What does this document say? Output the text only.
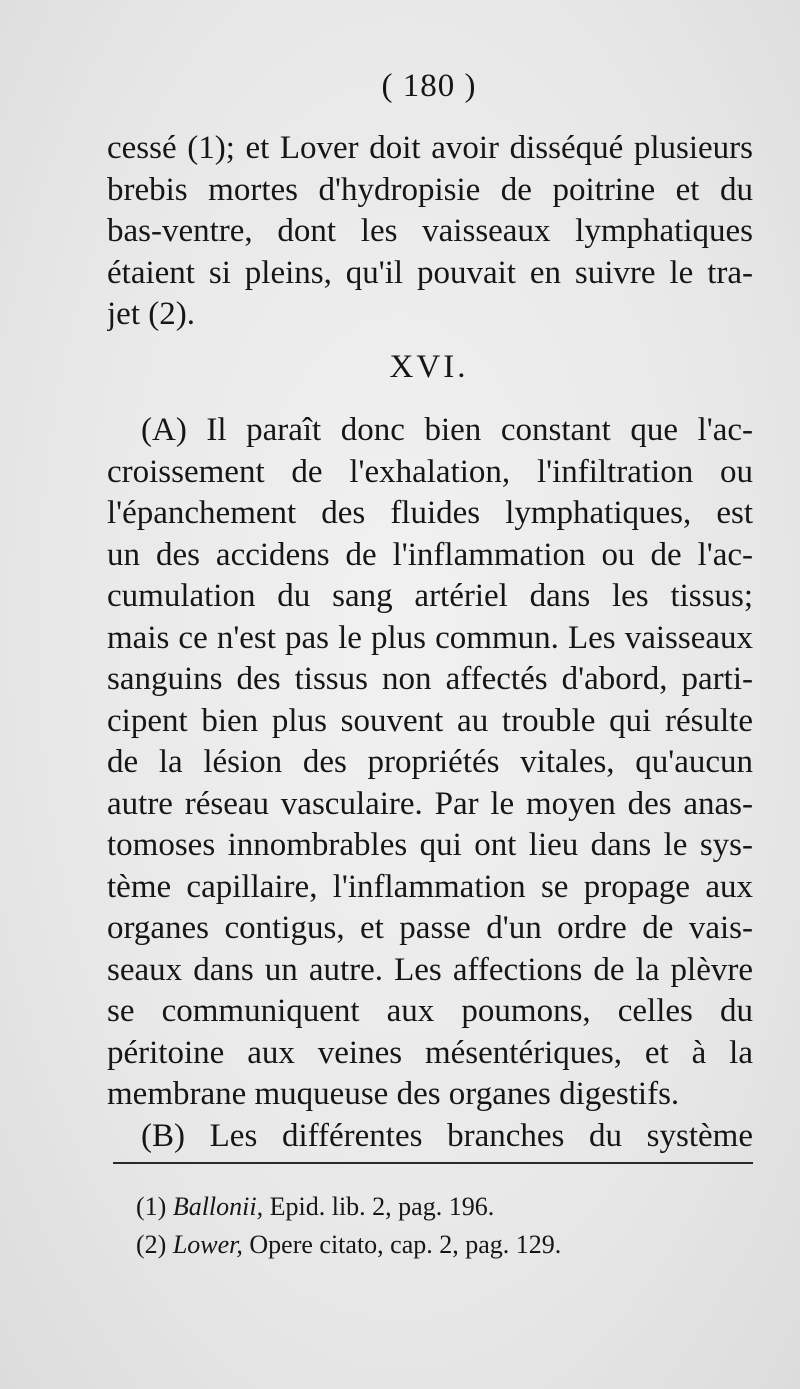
( 180 )
cessé (1); et Lover doit avoir disséqué plusieurs
brebis mortes d'hydropisie de poitrine et du
bas-ventre, dont les vaisseaux lymphatiques
étaient si pleins, qu'il pouvait en suivre le tra-
jet (2).
XVI.
(A) Il paraît donc bien constant que l'ac-
croissement de l'exhalation, l'infiltration ou
l'épanchement des fluides lymphatiques, est
un des accidens de l'inflammation ou de l'ac-
cumulation du sang artériel dans les tissus;
mais ce n'est pas le plus commun. Les vaisseaux
sanguins des tissus non affectés d'abord, parti-
cipent bien plus souvent au trouble qui résulte
de la lésion des propriétés vitales, qu'aucun
autre réseau vasculaire. Par le moyen des anas-
tomoses innombrables qui ont lieu dans le sys-
tème capillaire, l'inflammation se propage aux
organes contigus, et passe d'un ordre de vais-
seaux dans un autre. Les affections de la plèvre
se communiquent aux poumons, celles du
péritoine aux veines mésentériques, et à la
membrane muqueuse des organes digestifs.
(B) Les différentes branches du système
(1) Ballonii, Epid. lib. 2, pag. 196.
(2) Lower, Opere citato, cap. 2, pag. 129.
